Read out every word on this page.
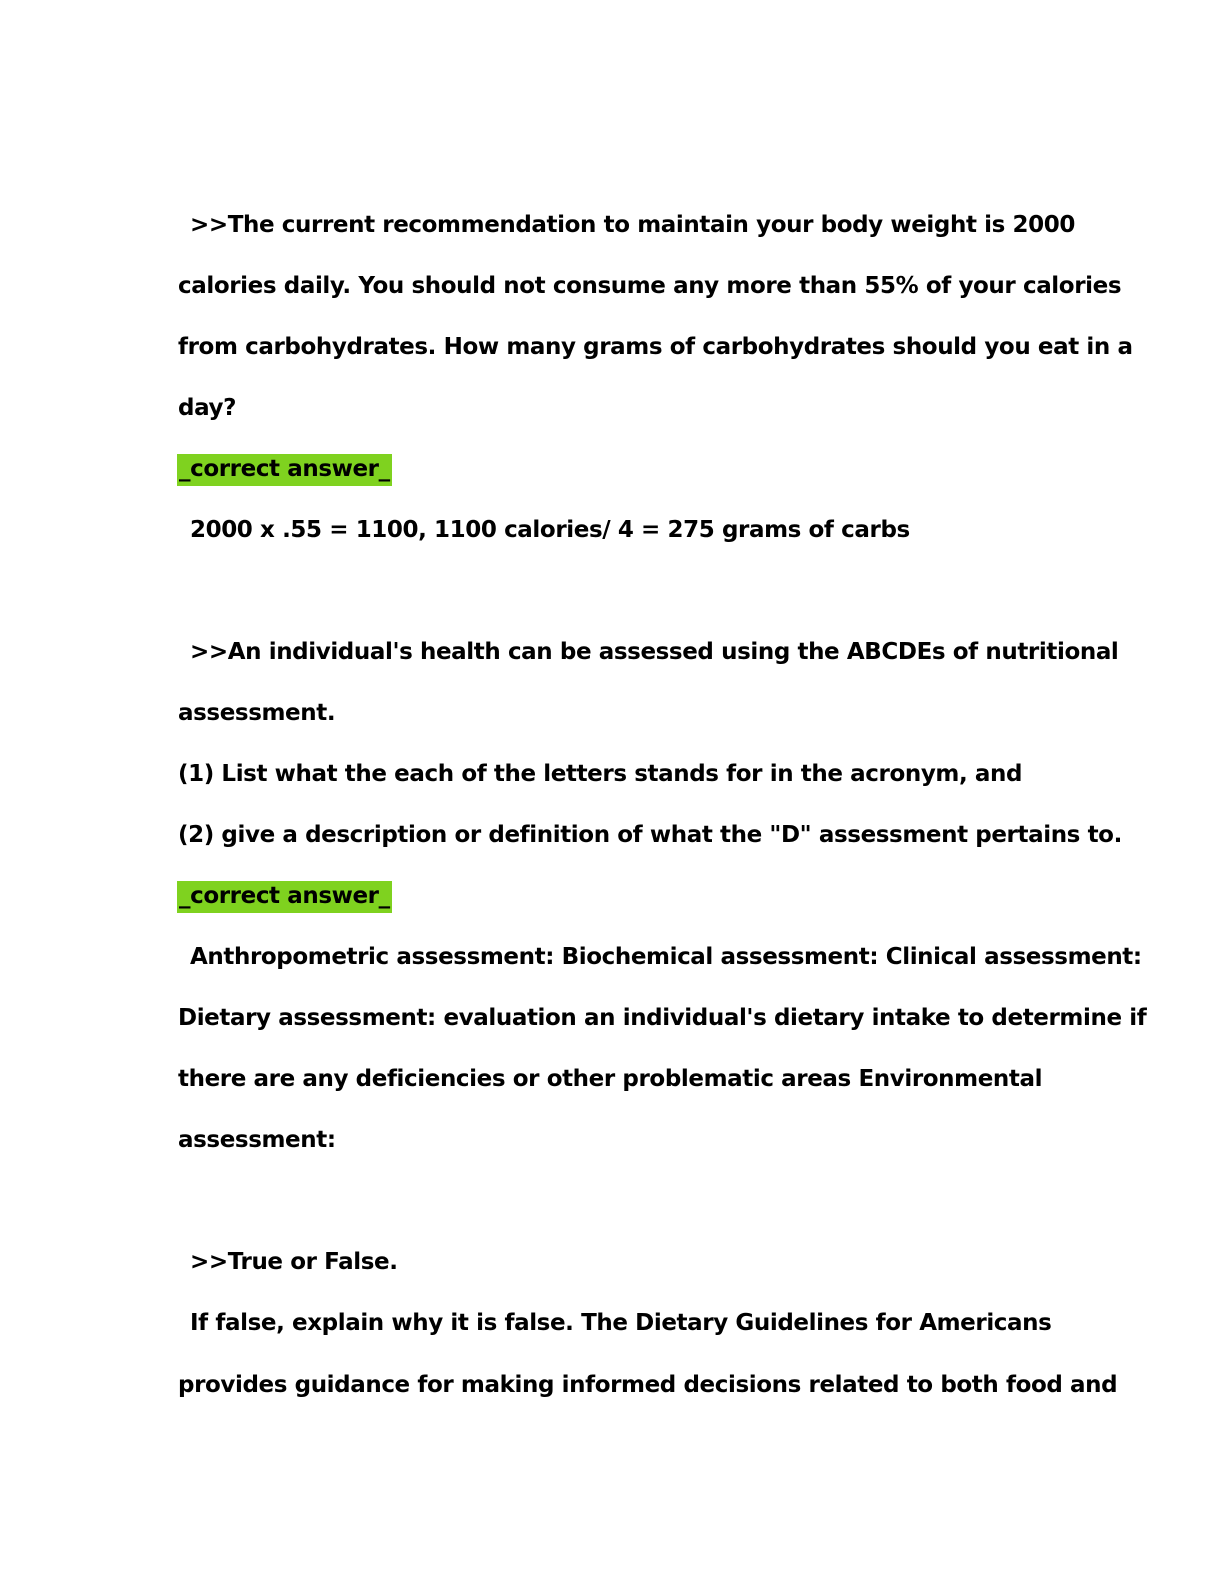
>>The current recommendation to maintain your body weight is 2000
calories daily. You should not consume any more than 55% of your calories
from carbohydrates. How many grams of carbohydrates should you eat in a
day?
_correct answer_
2000 x .55 = 1100, 1100 calories/ 4 = 275 grams of carbs
>>An individual's health can be assessed using the ABCDEs of nutritional
assessment.
(1) List what the each of the letters stands for in the acronym, and
(2) give a description or definition of what the "D" assessment pertains to.
_correct answer_
Anthropometric assessment: Biochemical assessment: Clinical assessment:
Dietary assessment: evaluation an individual's dietary intake to determine if
there are any deficiencies or other problematic areas Environmental
assessment:
>>True or False.
If false, explain why it is false. The Dietary Guidelines for Americans
provides guidance for making informed decisions related to both food and
